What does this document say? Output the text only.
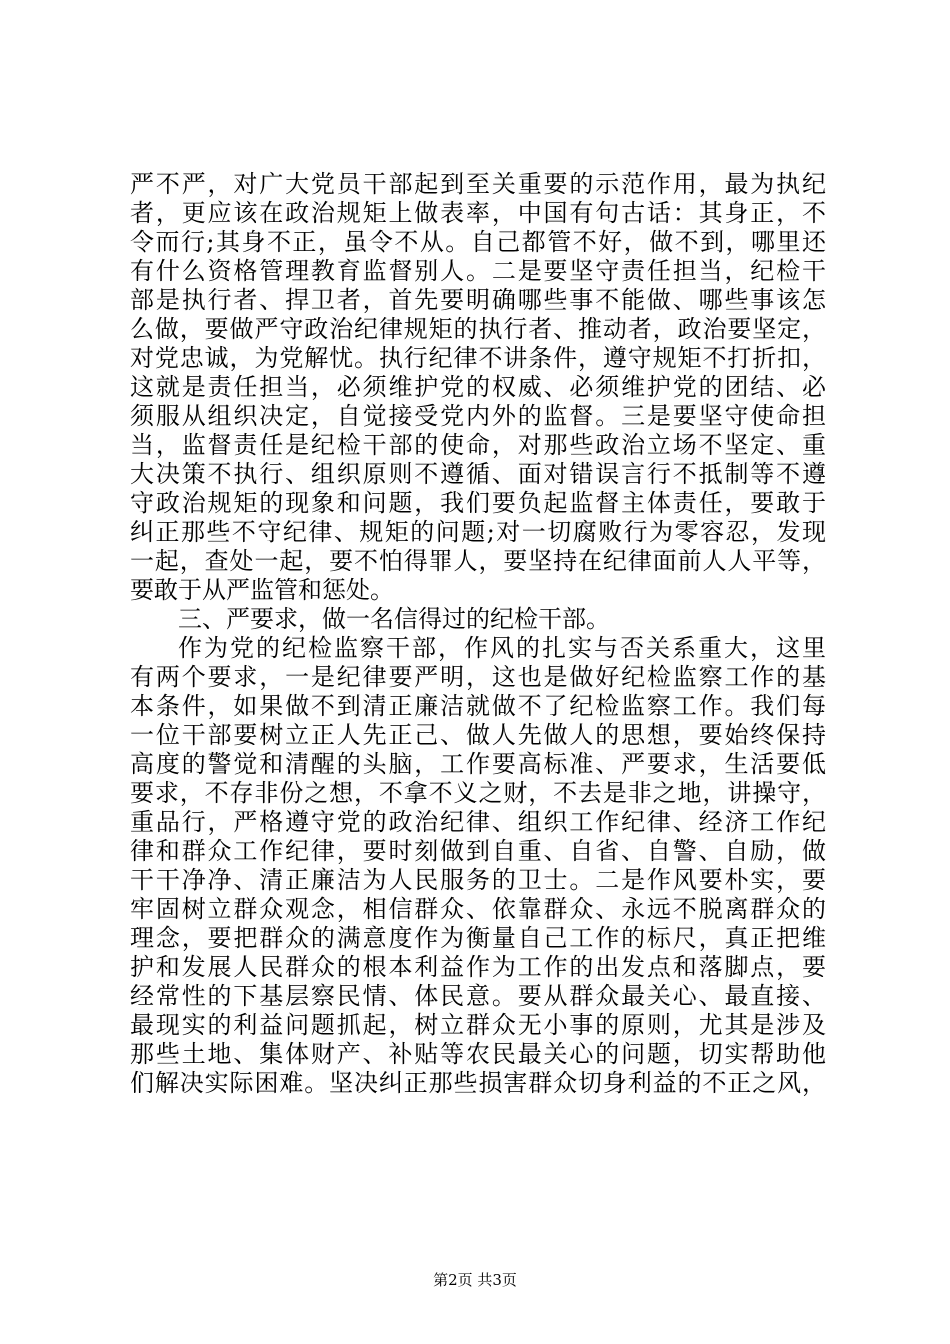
严不严，对广大党员干部起到至关重要的示范作用，最为执纪
者，更应该在政治规矩上做表率，中国有句古话：其身正，不
令而行;其身不正，虽令不从。自己都管不好，做不到，哪里还
有什么资格管理教育监督别人。二是要坚守责任担当，纪检干
部是执行者、捍卫者，首先要明确哪些事不能做、哪些事该怎
么做，要做严守政治纪律规矩的执行者、推动者，政治要坚定，
对党忠诚，为党解忧。执行纪律不讲条件，遵守规矩不打折扣，
这就是责任担当，必须维护党的权威、必须维护党的团结、必
须服从组织决定，自觉接受党内外的监督。三是要坚守使命担
当，监督责任是纪检干部的使命，对那些政治立场不坚定、重
大决策不执行、组织原则不遵循、面对错误言行不抵制等不遵
守政治规矩的现象和问题，我们要负起监督主体责任，要敢于
纠正那些不守纪律、规矩的问题;对一切腐败行为零容忍，发现
一起，查处一起，要不怕得罪人，要坚持在纪律面前人人平等，
要敢于从严监管和惩处。
三、严要求，做一名信得过的纪检干部。
作为党的纪检监察干部，作风的扎实与否关系重大，这里
有两个要求，一是纪律要严明，这也是做好纪检监察工作的基
本条件，如果做不到清正廉洁就做不了纪检监察工作。我们每
一位干部要树立正人先正己、做人先做人的思想，要始终保持
高度的警觉和清醒的头脑，工作要高标准、严要求，生活要低
要求，不存非份之想，不拿不义之财，不去是非之地，讲操守，
重品行，严格遵守党的政治纪律、组织工作纪律、经济工作纪
律和群众工作纪律，要时刻做到自重、自省、自警、自励，做
干干净净、清正廉洁为人民服务的卫士。二是作风要朴实，要
牢固树立群众观念，相信群众、依靠群众、永远不脱离群众的
理念，要把群众的满意度作为衡量自己工作的标尺，真正把维
护和发展人民群众的根本利益作为工作的出发点和落脚点，要
经常性的下基层察民情、体民意。要从群众最关心、最直接、
最现实的利益问题抓起，树立群众无小事的原则，尤其是涉及
那些土地、集体财产、补贴等农民最关心的问题，切实帮助他
们解决实际困难。坚决纠正那些损害群众切身利益的不正之风，
第2页 共3页
